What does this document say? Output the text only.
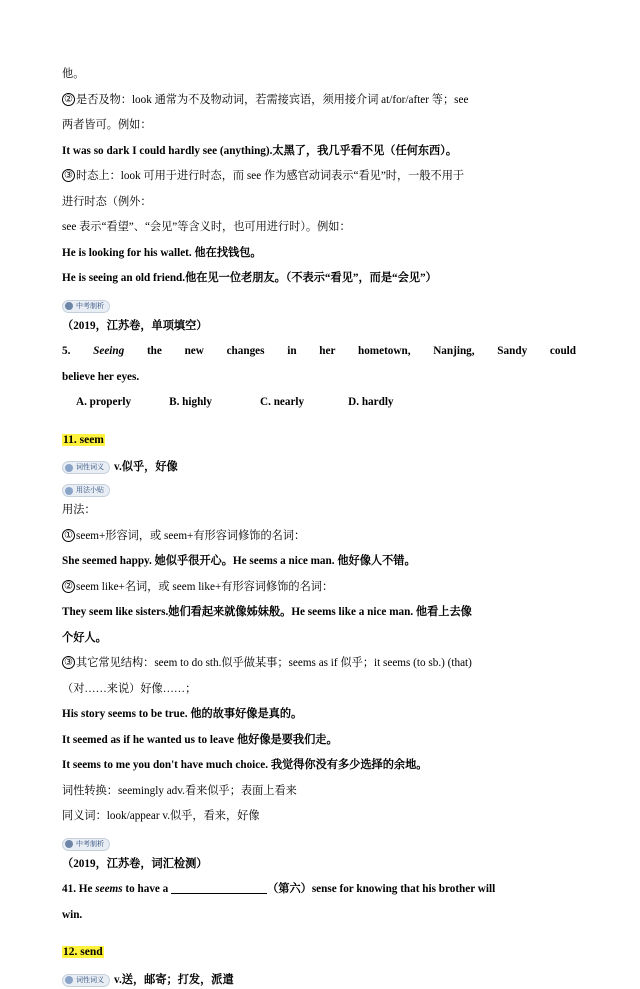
他。
② 是否及物：look 通常为不及物动词，若需接宾语，须用接介词 at/for/after 等；see
两者皆可。例如：
It was so dark I could hardly see (anything).太黑了，我几乎看不见（任何东西）。
③ 时态上：look 可用于进行时态，而 see 作为感官动词表示“看见”时，一般不用于
进行时态（例外：
see 表示“看望”、“会见”等含义时，也可用进行时）。例如：
He is looking for his wallet. 他在找钱包。
He is seeing an old friend.他在见一位老朋友。（不表示“看见”，而是“会见”）
中考制析
（2019，江苏卷，单项填空）
5. Seeing the new changes in her hometown, Nanjing, Sandy could
believe her eyes.
A. properly	B. highly	C. nearly	D. hardly
11. seem
词性词义 v.似乎，好像
用法小贴
用法：
① seem+形容词，或 seem+有形容词修饰的名词：
She seemed happy. 她似乎很开心。He seems a nice man. 他好像人不错。
② seem like+名词，或 seem like+有形容词修饰的名词：
They seem like sisters.她们看起来就像姊妹般。He seems like a nice man. 他看上去像
个好人。
③ 其它常见结构：seem to do sth.似乎做某事；seems as if 似乎；it seems (to sb.) (that)
（对……来说）好像……；
His story seems to be true. 他的故事好像是真的。
It seemed as if he wanted us to leave 他好像是要我们走。
It seems to me you don't have much choice. 我觉得你没有多少选择的余地。
词性转换：seemingly adv.看来似乎；表面上看来
同义词：look/appear v.似乎，看来，好像
中考制析
（2019，江苏卷，词汇检测）
41. He seems to have a	（第六）sense for knowing that his brother will
win.
12. send
词性词义 v.送，邮寄；打发，派遣
